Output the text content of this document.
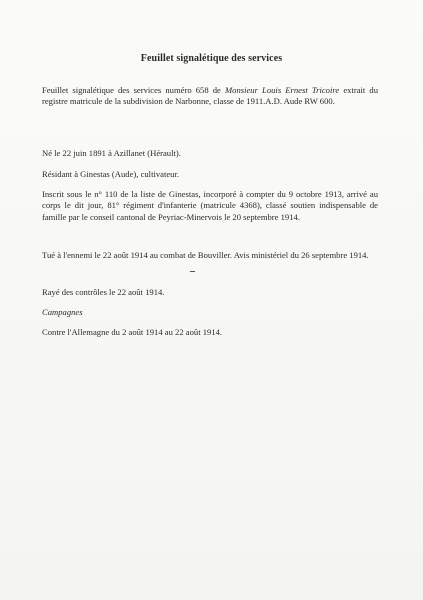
Feuillet signalétique des services
Feuillet signalétique des services numéro 658 de Monsieur Louis Ernest Tricoire extrait du registre matricule de la subdivision de Narbonne, classe de 1911.A.D. Aude RW 600.
Né le 22 juin 1891 à Azillanet (Hérault).
Résidant à Ginestas (Aude), cultivateur.
Inscrit sous le n° 110 de la liste de Ginestas, incorporé à compter du 9 octobre 1913, arrivé au corps le dit jour, 81° régiment d'infanterie (matricule 4368), classé soutien indispensable de famille par le conseil cantonal de Peyriac-Minervois le 20 septembre 1914.
Tué à l'ennemi le 22 août 1914 au combat de Bouviller. Avis ministériel du 26 septembre 1914.
Rayé des contrôles le 22 août 1914.
Campagnes
Contre l'Allemagne du 2 août 1914 au 22 août 1914.
